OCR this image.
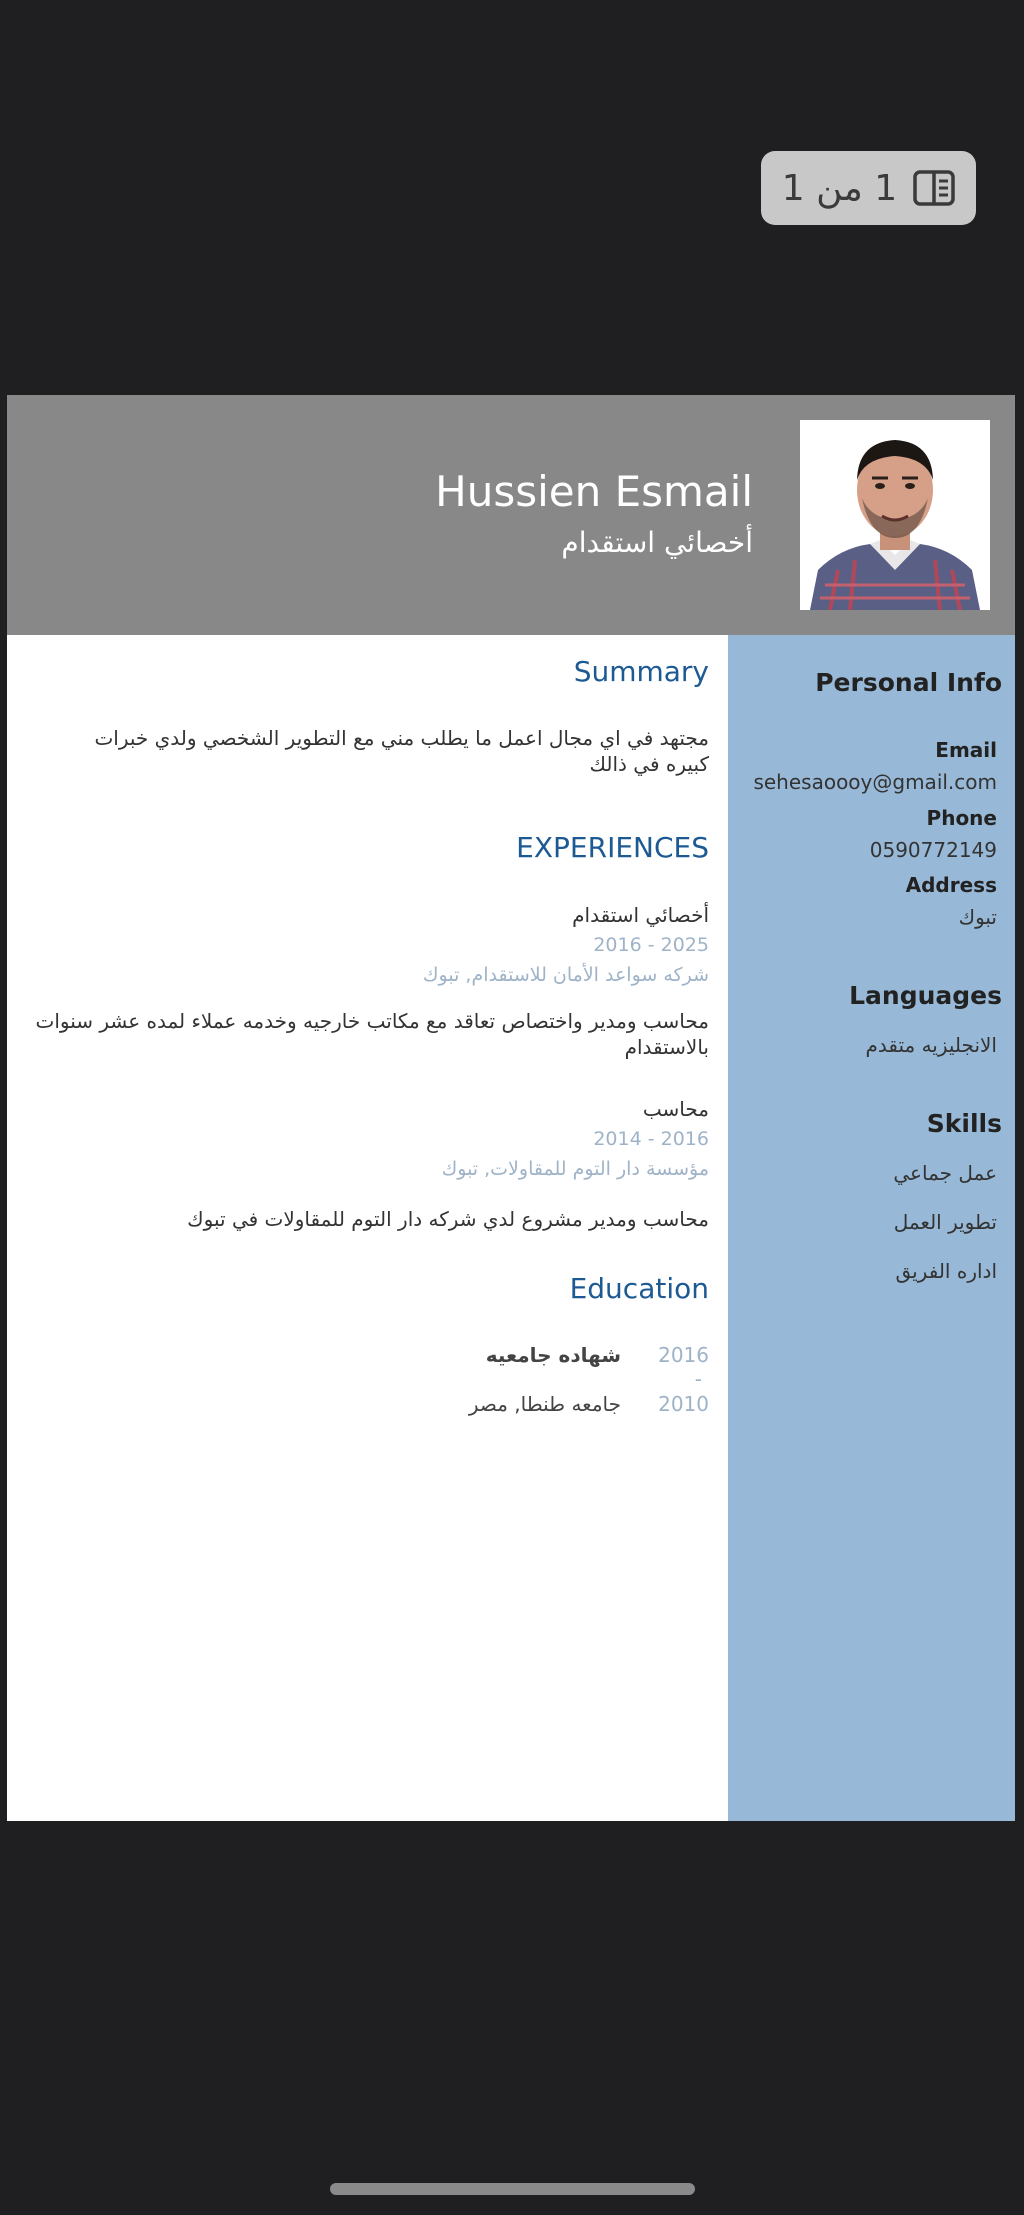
1 من 1
Hussien Esmail
أخصائي استقدام
Personal Info
Email
sehesaoooy@gmail.com
Phone
0590772149
Address
تبوك
Languages
الانجليزيه متقدم
Skills
عمل جماعي
تطوير العمل
اداره الفريق
Summary
مجتهد في اي مجال اعمل ما يطلب مني مع التطوير الشخصي ولدي خبرات كبيره في ذالك
EXPERIENCES
أخصائي استقدام
2016 - 2025
شركه سواعد الأمان للاستقدام, تبوك
محاسب ومدير واختصاص تعاقد مع مكاتب خارجيه وخدمه عملاء لمده عشر سنوات بالاستقدام
محاسب
2014 - 2016
مؤسسة دار التوم للمقاولات, تبوك
محاسب ومدير مشروع لدي شركه دار التوم للمقاولات في تبوك
Education
2016
-
2010
شهاده جامعيه
جامعه طنطا, مصر
